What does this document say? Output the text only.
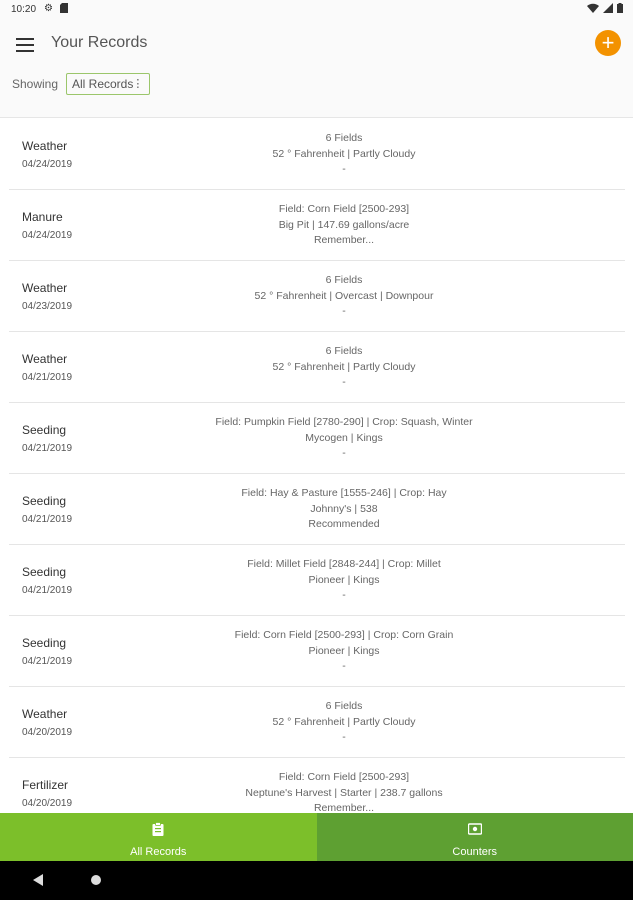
10:20 ⚙
Your Records	+
Showing	All Records ⋮
Weather
04/24/2019
6 Fields
52 ° Fahrenheit | Partly Cloudy
-
Manure
04/24/2019
Field: Corn Field [2500-293]
Big Pit | 147.69 gallons/acre
Remember...
Weather
04/23/2019
6 Fields
52 ° Fahrenheit | Overcast | Downpour
-
Weather
04/21/2019
6 Fields
52 ° Fahrenheit | Partly Cloudy
-
Seeding
04/21/2019
Field: Pumpkin Field [2780-290] | Crop: Squash, Winter
Mycogen | Kings
-
Seeding
04/21/2019
Field: Hay & Pasture [1555-246] | Crop: Hay
Johnny's | 538
Recommended
Seeding
04/21/2019
Field: Millet Field [2848-244] | Crop: Millet
Pioneer | Kings
-
Seeding
04/21/2019
Field: Corn Field [2500-293] | Crop: Corn Grain
Pioneer | Kings
-
Weather
04/20/2019
6 Fields
52 ° Fahrenheit | Partly Cloudy
-
Fertilizer
04/20/2019
Field: Corn Field [2500-293]
Neptune's Harvest | Starter | 238.7 gallons
Remember...
All Records	Counters
